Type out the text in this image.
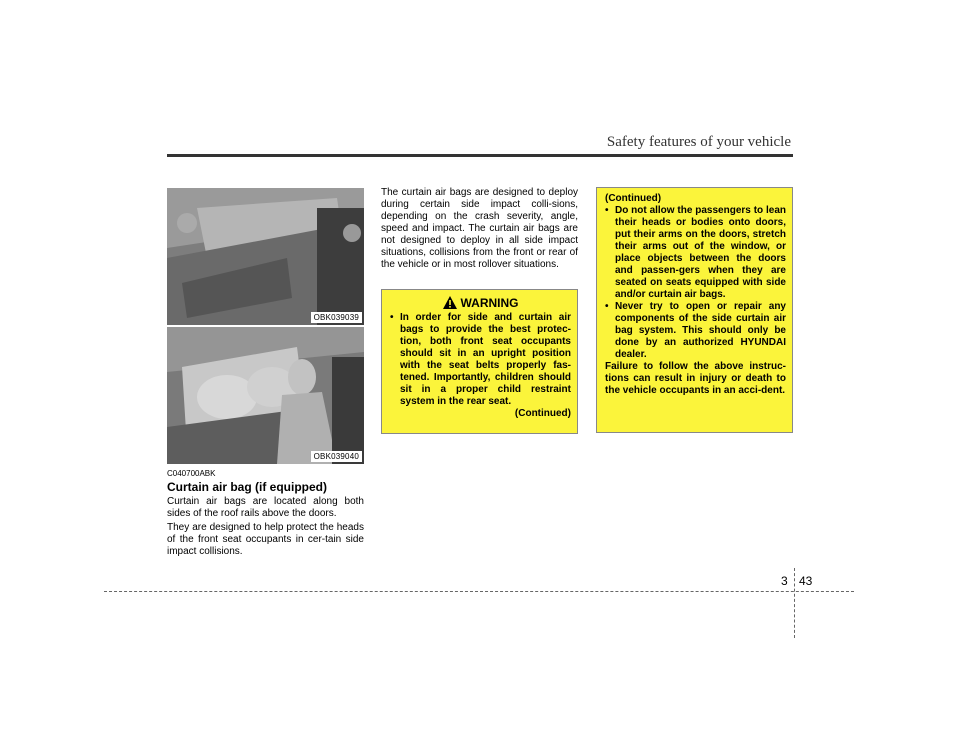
Safety features of your vehicle
OBK039039
OBK039040
C040700ABK
Curtain air bag (if equipped)

Curtain air bags are located along both sides of the roof rails above the doors.

They are designed to help protect the heads of the front seat occupants in cer-tain side impact collisions.

The curtain air bags are designed to deploy during certain side impact colli-sions, depending on the crash severity, angle, speed and impact. The curtain air bags are not designed to deploy in all side impact situations, collisions from the front or rear of the vehicle or in most rollover situations.

WARNING
• In order for side and curtain air bags to provide the best protec-tion, both front seat occupants should sit in an upright position with the seat belts properly fas-tened. Importantly, children should sit in a proper child restraint system in the rear seat.
(Continued)
(Continued)
• Do not allow the passengers to lean their heads or bodies onto doors, put their arms on the doors, stretch their arms out of the window, or place objects between the doors and passen-gers when they are seated on seats equipped with side and/or curtain air bags.
• Never try to open or repair any components of the side curtain air bag system. This should only be done by an authorized HYUNDAI dealer.
Failure to follow the above instruc-tions can result in injury or death to the vehicle occupants in an acci-dent.
3 43
